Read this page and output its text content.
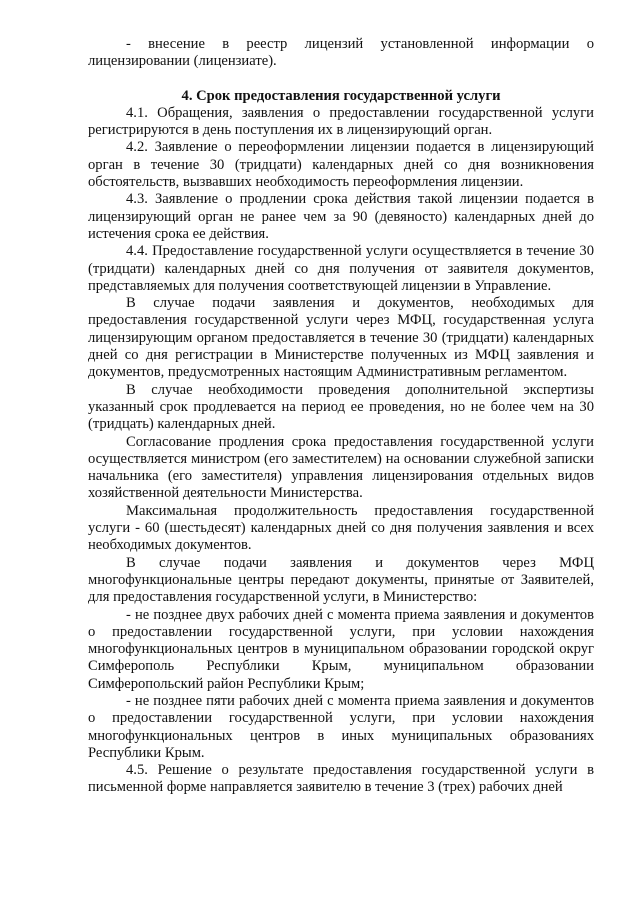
- внесение в реестр лицензий установленной информации о лицензировании (лицензиате).

4. Срок предоставления государственной услуги

4.1. Обращения, заявления о предоставлении государственной услуги регистрируются в день поступления их в лицензирующий орган.

4.2. Заявление о переоформлении лицензии подается в лицензирующий орган в течение 30 (тридцати) календарных дней со дня возникновения обстоятельств, вызвавших необходимость переоформления лицензии.

4.3. Заявление о продлении срока действия такой лицензии подается в лицензирующий орган не ранее чем за 90 (девяносто) календарных дней до истечения срока ее действия.

4.4. Предоставление государственной услуги осуществляется в течение 30 (тридцати) календарных дней со дня получения от заявителя документов, представляемых для получения соответствующей лицензии в Управление.

В случае подачи заявления и документов, необходимых для предоставления государственной услуги через МФЦ, государственная услуга лицензирующим органом предоставляется в течение 30 (тридцати) календарных дней со дня регистрации в Министерстве полученных из МФЦ заявления и документов, предусмотренных настоящим Административным регламентом.

В случае необходимости проведения дополнительной экспертизы указанный срок продлевается на период ее проведения, но не более чем на 30 (тридцать) календарных дней.

Согласование продления срока предоставления государственной услуги осуществляется министром (его заместителем) на основании служебной записки начальника (его заместителя) управления лицензирования отдельных видов хозяйственной деятельности Министерства.

Максимальная продолжительность предоставления государственной услуги - 60 (шестьдесят) календарных дней со дня получения заявления и всех необходимых документов.

В случае подачи заявления и документов через МФЦ многофункциональные центры передают документы, принятые от Заявителей, для предоставления государственной услуги, в Министерство:

- не позднее двух рабочих дней с момента приема заявления и документов о предоставлении государственной услуги, при условии нахождения многофункциональных центров в муниципальном образовании городской округ Симферополь Республики Крым, муниципальном образовании Симферопольский район Республики Крым;

- не позднее пяти рабочих дней с момента приема заявления и документов о предоставлении государственной услуги, при условии нахождения многофункциональных центров в иных муниципальных образованиях Республики Крым.

4.5. Решение о результате предоставления государственной услуги в письменной форме направляется заявителю в течение 3 (трех) рабочих дней
